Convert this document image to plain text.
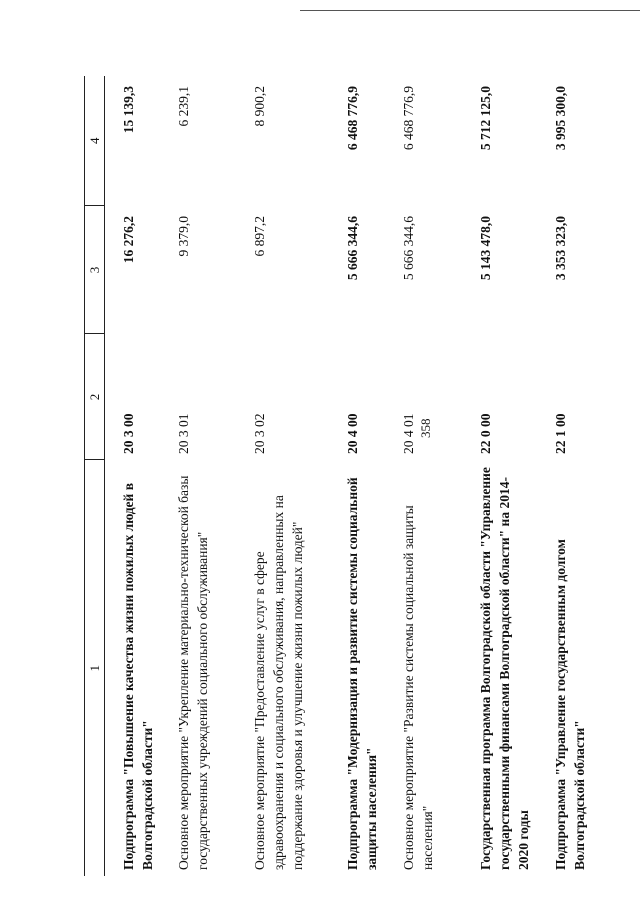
358
1	2	3	4
Подпрограмма "Повышение качества жизни пожилых людей в Волгоградской области"	20 3 00	16 276,2	15 139,3
Основное мероприятие "Укрепление материально-технической базы государственных учреждений социального обслуживания"	20 3 01	9 379,0	6 239,1
Основное мероприятие "Предоставление услуг в сфере здравоохранения и социального обслуживания, направленных на поддержание здоровья и улучшение жизни пожилых людей"	20 3 02	6 897,2	8 900,2
Подпрограмма "Модернизация и развитие системы социальной защиты населения"	20 4 00	5 666 344,6	6 468 776,9
Основное мероприятие "Развитие системы социальной защиты населения"	20 4 01	5 666 344,6	6 468 776,9
Государственная программа Волгоградской области "Управление государственными финансами Волгоградской области" на 2014-2020 годы	22 0 00	5 143 478,0	5 712 125,0
Подпрограмма "Управление государственным долгом Волгоградской области"	22 1 00	3 353 323,0	3 995 300,0
